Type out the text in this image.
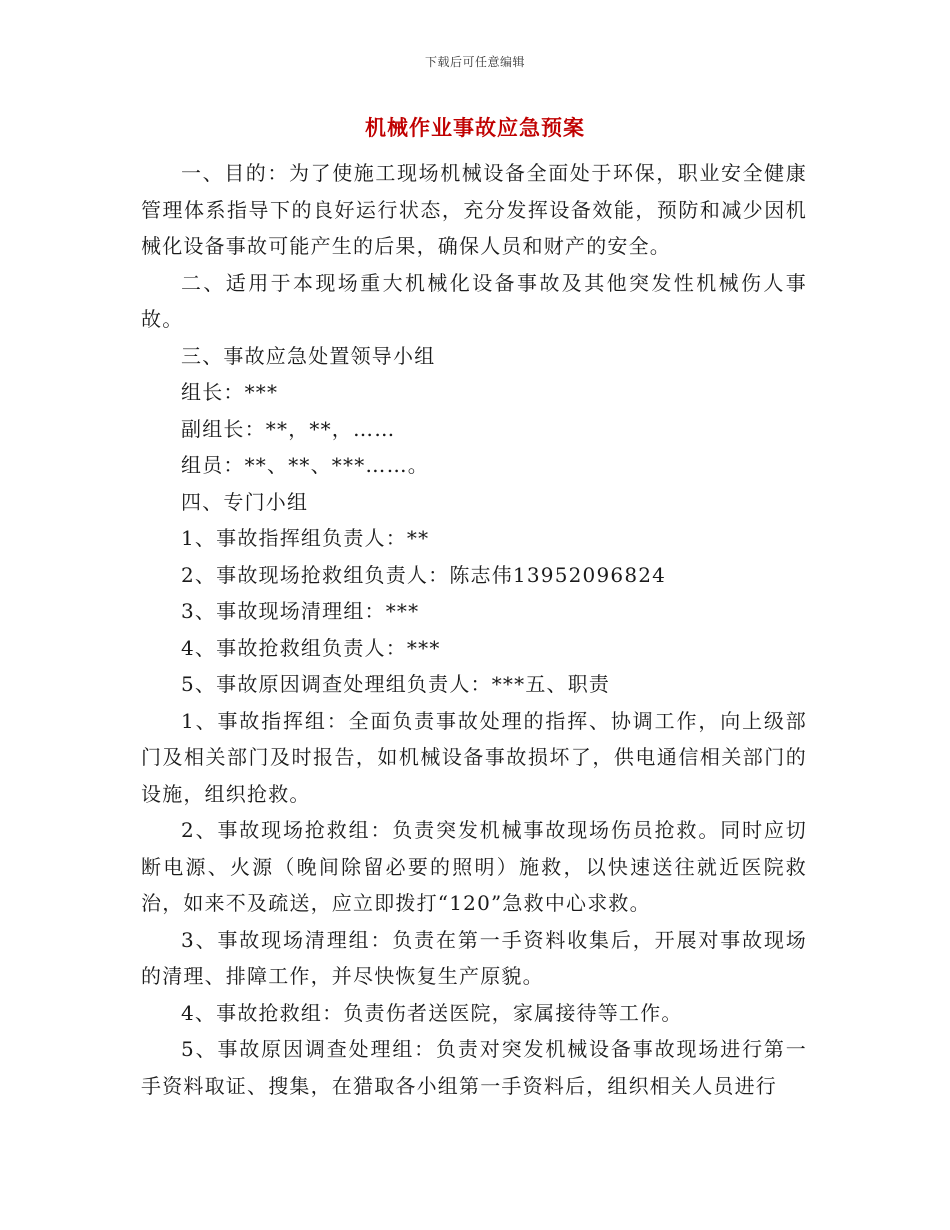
下载后可任意编辑
机械作业事故应急预案

一、目的：为了使施工现场机械设备全面处于环保，职业安全健康管理体系指导下的良好运行状态，充分发挥设备效能，预防和减少因机械化设备事故可能产生的后果，确保人员和财产的安全。

二、适用于本现场重大机械化设备事故及其他突发性机械伤人事故。

三、事故应急处置领导小组

组长：***

副组长：**，**，……

组员：**、**、***……。

四、专门小组

1、事故指挥组负责人：**

2、事故现场抢救组负责人：陈志伟13952096824

3、事故现场清理组：***

4、事故抢救组负责人：***

5、事故原因调查处理组负责人：***五、职责

1、事故指挥组：全面负责事故处理的指挥、协调工作，向上级部门及相关部门及时报告，如机械设备事故损坏了，供电通信相关部门的设施，组织抢救。

2、事故现场抢救组：负责突发机械事故现场伤员抢救。同时应切断电源、火源（晚间除留必要的照明）施救，以快速送往就近医院救治，如来不及疏送，应立即拨打“120”急救中心求救。

3、事故现场清理组：负责在第一手资料收集后，开展对事故现场的清理、排障工作，并尽快恢复生产原貌。

4、事故抢救组：负责伤者送医院，家属接待等工作。

5、事故原因调查处理组：负责对突发机械设备事故现场进行第一手资料取证、搜集，在猎取各小组第一手资料后，组织相关人员进行
